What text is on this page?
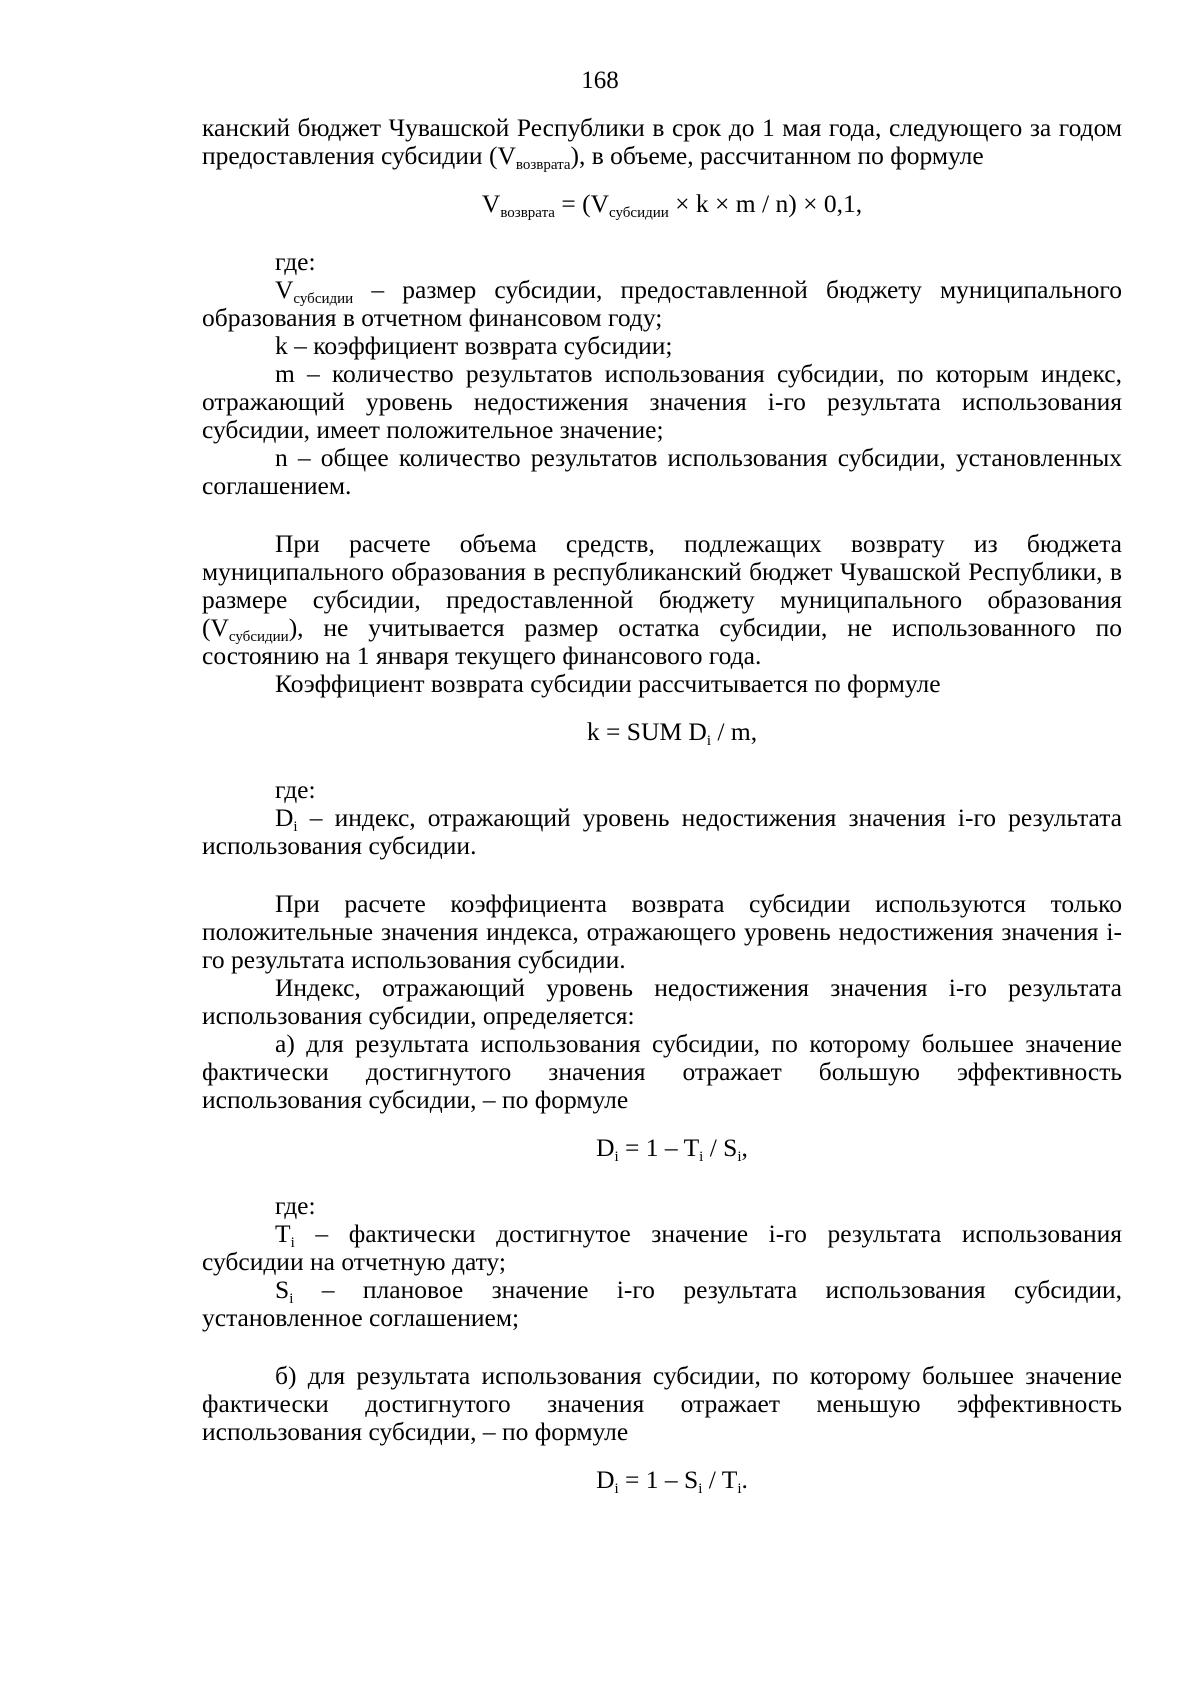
168

канский бюджет Чувашской Республики в срок до 1 мая года, следующего за годом предоставления субсидии $(V_{возврата})$, в объеме, рассчитанном по формуле

$V_{возврата} = (V_{субсидии} \times k \times m / n) \times 0,1$,

где:

$V_{субсидии}$ – размер субсидии, предоставленной бюджету муниципального образования в отчетном финансовом году;

k – коэффициент возврата субсидии;

m – количество результатов использования субсидии, по которым индекс, отражающий уровень недостижения значения i-го результата использования субсидии, имеет положительное значение;

n – общее количество результатов использования субсидии, установленных соглашением.

При расчете объема средств, подлежащих возврату из бюджета муниципального образования в республиканский бюджет Чувашской Республики, в размере субсидии, предоставленной бюджету муниципального образования $(V_{субсидии})$, не учитывается размер остатка субсидии, не использованного по состоянию на 1 января текущего финансового года.

Коэффициент возврата субсидии рассчитывается по формуле

k = SUM $D_i$ / m,

где:

$D_i$ – индекс, отражающий уровень недостижения значения i-го результата использования субсидии.

При расчете коэффициента возврата субсидии используются только положительные значения индекса, отражающего уровень недостижения значения i-го результата использования субсидии.

Индекс, отражающий уровень недостижения значения i-го результата использования субсидии, определяется:

а) для результата использования субсидии, по которому большее значение фактически достигнутого значения отражает большую эффективность использования субсидии, – по формуле

$D_i = 1 - T_i / S_i$,

где:

$T_i$ – фактически достигнутое значение i-го результата использования субсидии на отчетную дату;

$S_i$ – плановое значение i-го результата использования субсидии, установленное соглашением;

б) для результата использования субсидии, по которому большее значение фактически достигнутого значения отражает меньшую эффективность использования субсидии, – по формуле

$D_i = 1 - S_i / T_i$.
